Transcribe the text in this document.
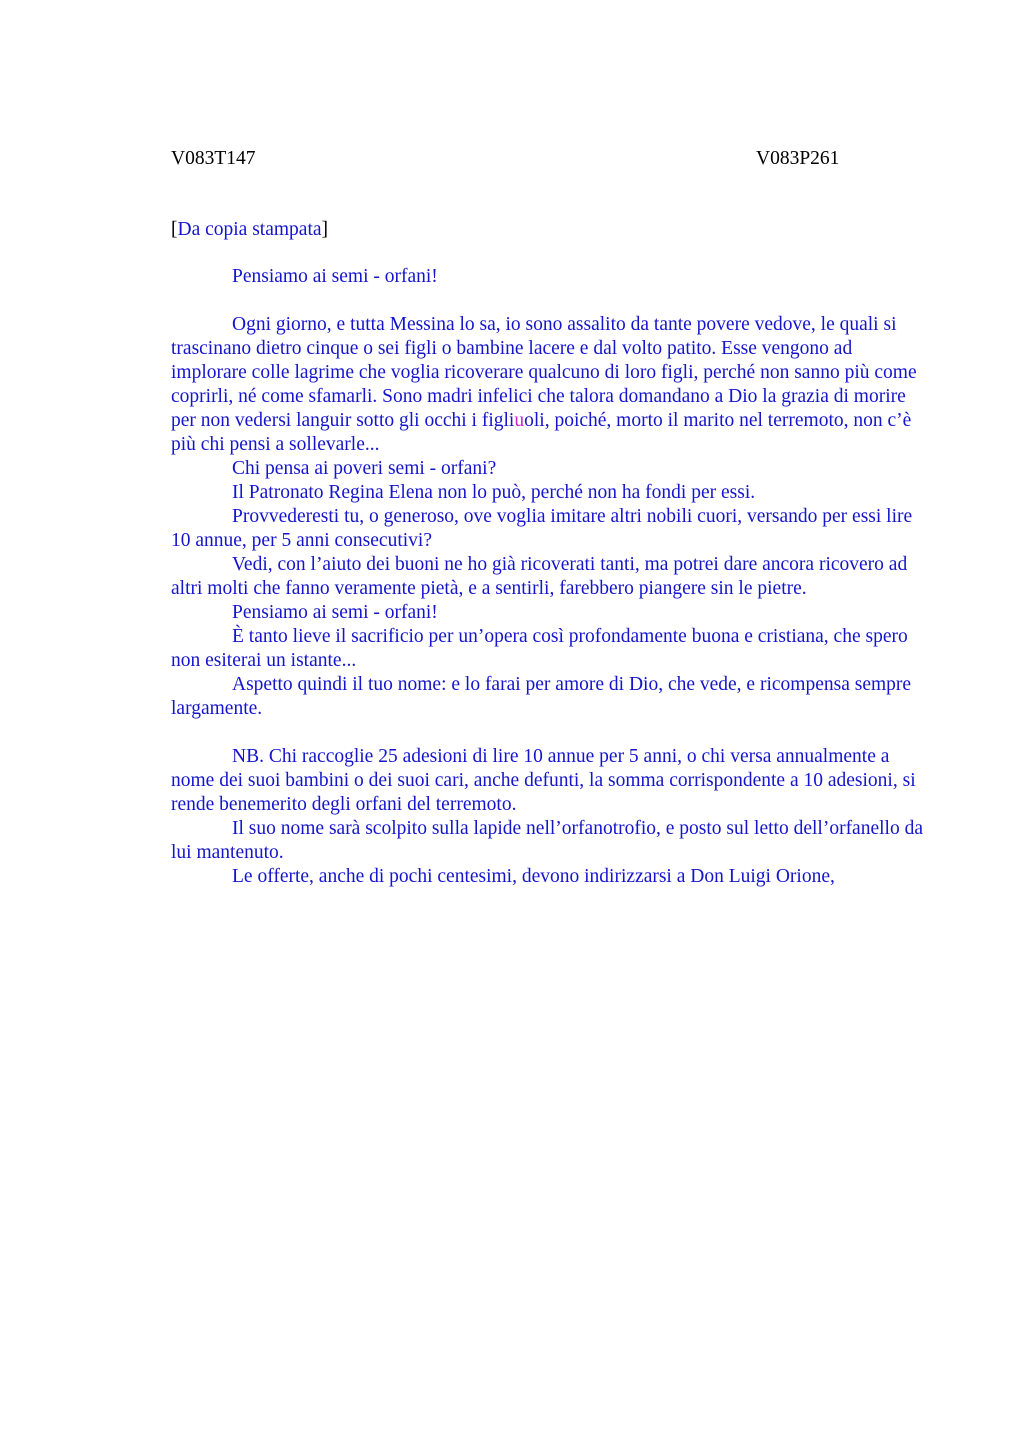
V083T147	V083P261
[Da copia stampata]

Pensiamo ai semi - orfani!

Ogni giorno, e tutta Messina lo sa, io sono assalito da tante povere vedove, le quali si trascinano dietro cinque o sei figli o bambine lacere e dal volto patito. Esse vengono ad implorare colle lagrime che voglia ricoverare qualcuno di loro figli, perché non sanno più come coprirli, né come sfamarli. Sono madri infelici che talora domandano a Dio la grazia di morire per non vedersi languir sotto gli occhi i figliuoli, poiché, morto il marito nel terremoto, non c’è più chi pensi a sollevarle...

Chi pensa ai poveri semi - orfani?

Il Patronato Regina Elena non lo può, perché non ha fondi per essi.

Provvederesti tu, o generoso, ove voglia imitare altri nobili cuori, versando per essi lire 10 annue, per 5 anni consecutivi?

Vedi, con l’aiuto dei buoni ne ho già ricoverati tanti, ma potrei dare ancora ricovero ad altri molti che fanno veramente pietà, e a sentirli, farebbero piangere sin le pietre.

Pensiamo ai semi - orfani!

È tanto lieve il sacrificio per un’opera così profondamente buona e cristiana, che spero non esiterai un istante...

Aspetto quindi il tuo nome: e lo farai per amore di Dio, che vede, e ricompensa sempre largamente.

NB. Chi raccoglie 25 adesioni di lire 10 annue per 5 anni, o chi versa annualmente a nome dei suoi bambini o dei suoi cari, anche defunti, la somma corrispondente a 10 adesioni, si rende benemerito degli orfani del terremoto.

Il suo nome sarà scolpito sulla lapide nell’orfanotrofio, e posto sul letto dell’orfanello da lui mantenuto.

Le offerte, anche di pochi centesimi, devono indirizzarsi a Don Luigi Orione,
